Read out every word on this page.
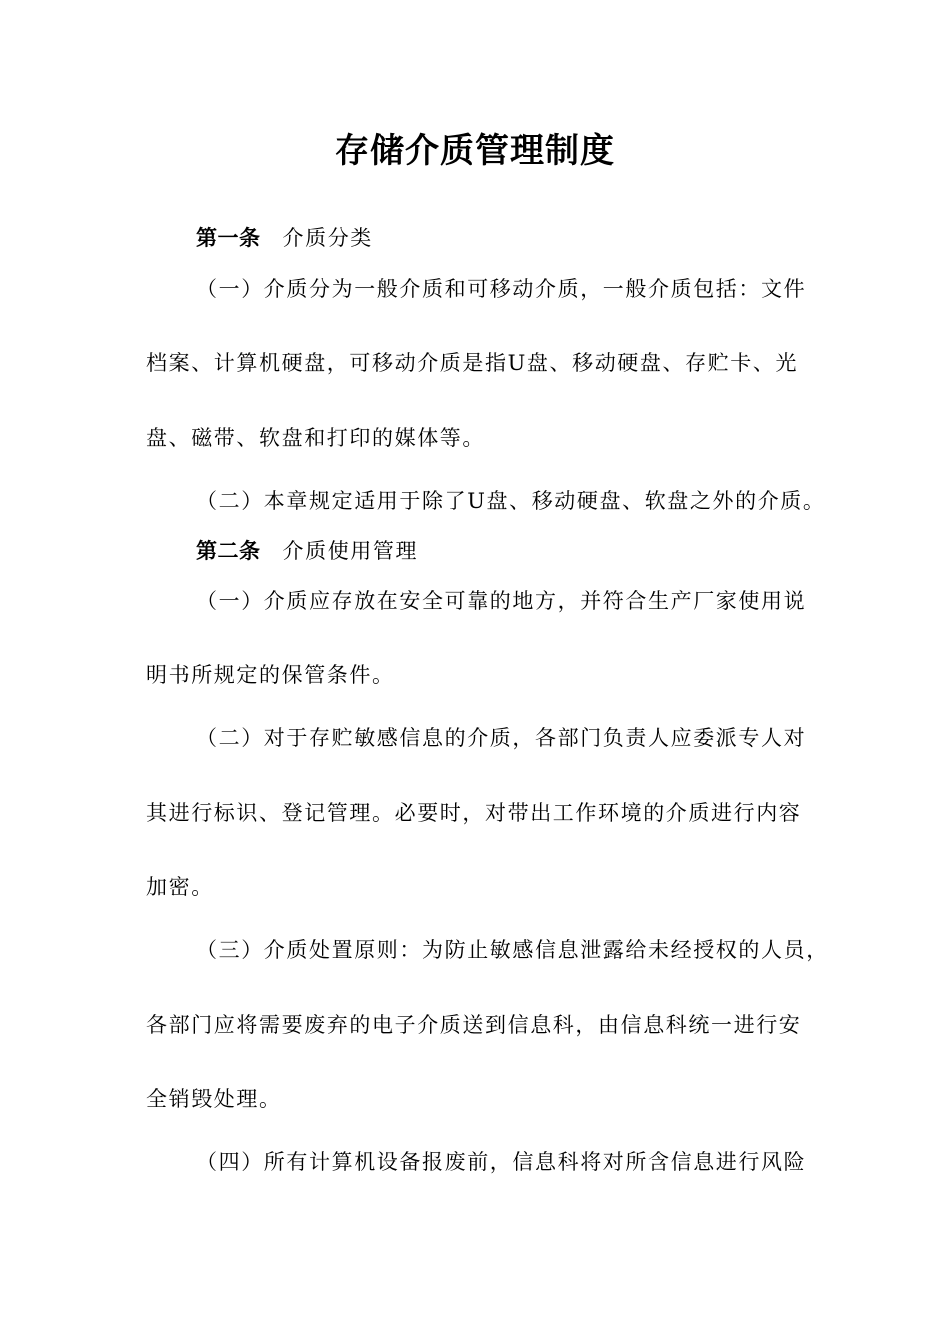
存储介质管理制度

第一条 介质分类

（一）介质分为一般介质和可移动介质，一般介质包括：文件

档案、计算机硬盘，可移动介质是指U盘、移动硬盘、存贮卡、光

盘、磁带、软盘和打印的媒体等。

（二）本章规定适用于除了U盘、移动硬盘、软盘之外的介质。

第二条 介质使用管理

（一）介质应存放在安全可靠的地方，并符合生产厂家使用说

明书所规定的保管条件。

（二）对于存贮敏感信息的介质，各部门负责人应委派专人对

其进行标识、登记管理。必要时，对带出工作环境的介质进行内容

加密。

（三）介质处置原则：为防止敏感信息泄露给未经授权的人员，

各部门应将需要废弃的电子介质送到信息科，由信息科统一进行安

全销毁处理。

（四）所有计算机设备报废前，信息科将对所含信息进行风险
